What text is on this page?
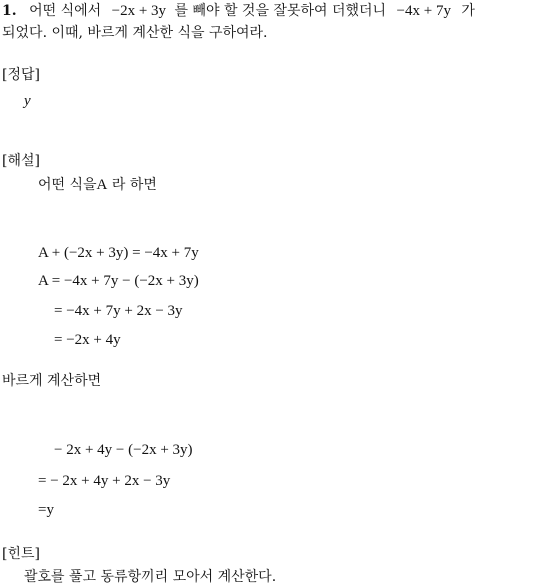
1. 어떤 식에서 −2x + 3y 를 빼야 할 것을 잘못하여 더했더니 −4x + 7y 가
되었다. 이때, 바르게 계산한 식을 구하여라.
[정답]
y
[해설]
어떤 식을A 라 하면
A + (−2x + 3y) = −4x + 7y
A = −4x + 7y − (−2x + 3y)
= −4x + 7y + 2x − 3y
= −2x + 4y
바르게 계산하면
− 2x + 4y − (−2x + 3y)
= − 2x + 4y + 2x − 3y
=y
[힌트]
괄호를 풀고 동류항끼리 모아서 계산한다.
